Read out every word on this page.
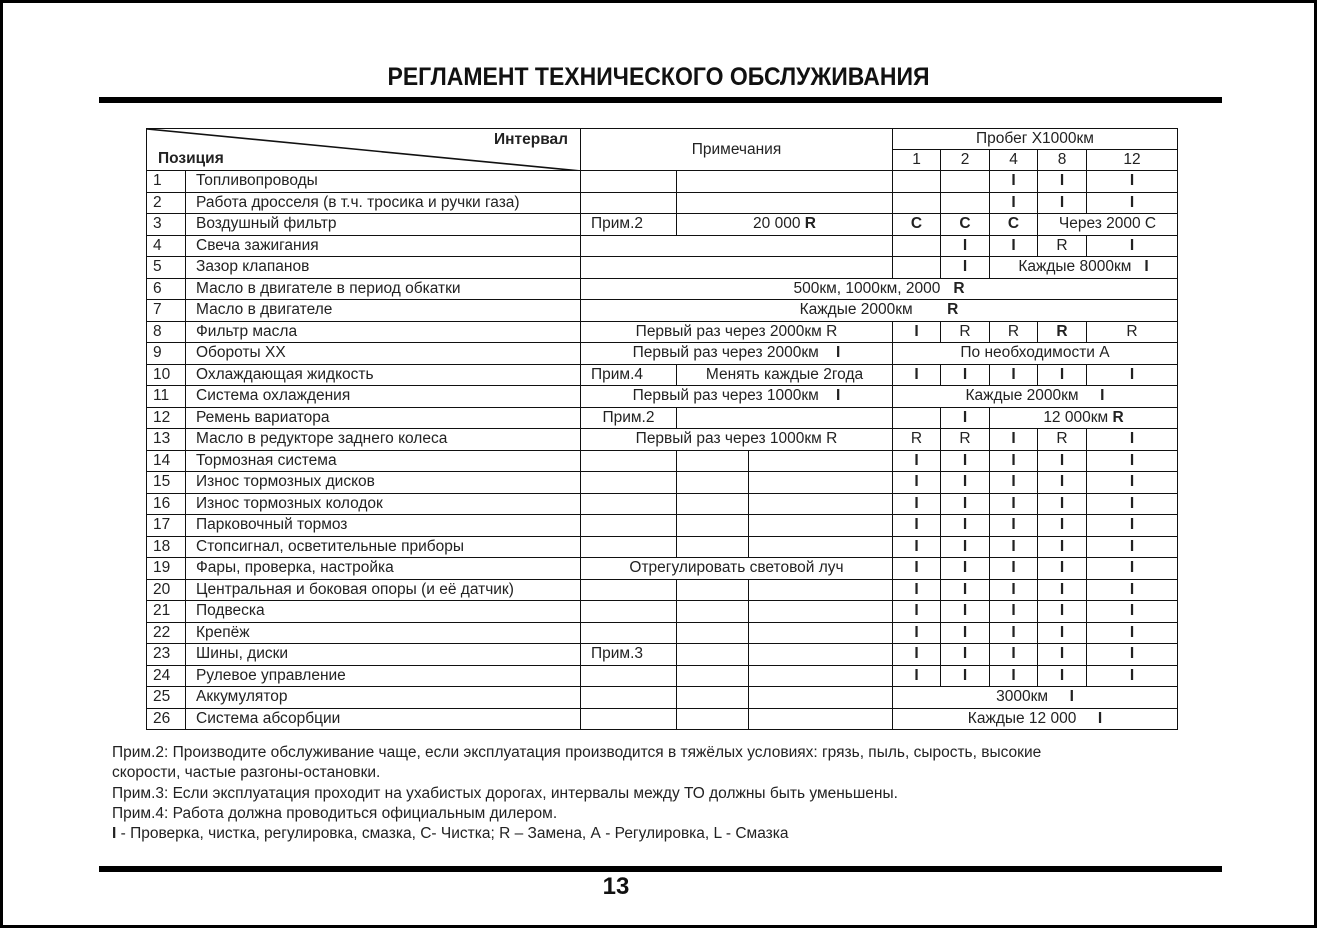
РЕГЛАМЕНТ ТЕХНИЧЕСКОГО ОБСЛУЖИВАНИЯ
Интервал
Позиция		Примечания			Пробег X1000км				
					1	2	4	8	12
1	Топливопроводы						I	I	I
2	Работа дросселя (в т.ч. тросика и ручки газа)						I	I	I
3	Воздушный фильтр	Прим.2	20 000 R		C	C	C	Через 2000 С	
4	Свеча зажигания					I	I	R	I
5	Зазор клапанов					I	Каждые 8000км I		
6	Масло в двигателе в период обкатки	500км, 1000км, 2000 R							
7	Масло в двигателе	Каждые 2000км R							
8	Фильтр масла	Первый раз через 2000км R			I	R	R	R	R
9	Обороты ХХ	Первый раз через 2000км I			По необходимости А				
10	Охлаждающая жидкость	Прим.4	Менять каждые 2года		I	I	I	I	I
11	Система охлаждения	Первый раз через 1000км I			Каждые 2000км I				
12	Ремень вариатора	Прим.2				I	12 000км R		
13	Масло в редукторе заднего колеса	Первый раз через 1000км R			R	R	I	R	I
14	Тормозная система				I	I	I	I	I
15	Износ тормозных дисков				I	I	I	I	I
16	Износ тормозных колодок				I	I	I	I	I
17	Парковочный тормоз				I	I	I	I	I
18	Стопсигнал, осветительные приборы				I	I	I	I	I
19	Фары, проверка, настройка	Отрегулировать световой луч			I	I	I	I	I
20	Центральная и боковая опоры (и её датчик)				I	I	I	I	I
21	Подвеска				I	I	I	I	I
22	Крепёж				I	I	I	I	I
23	Шины, диски	Прим.3			I	I	I	I	I
24	Рулевое управление				I	I	I	I	I
25	Аккумулятор				3000км I				
26	Система абсорбции				Каждые 12 000 I				
Прим.2: Производите обслуживание чаще, если эксплуатация производится в тяжёлых условиях: грязь, пыль, сырость, высокие
скорости, частые разгоны-остановки.
Прим.3: Если эксплуатация проходит на ухабистых дорогах, интервалы между ТО должны быть уменьшены.
Прим.4: Работа должна проводиться официальным дилером.
I - Проверка, чистка, регулировка, смазка, С- Чистка; R – Замена, А - Регулировка, L - Смазка
13
